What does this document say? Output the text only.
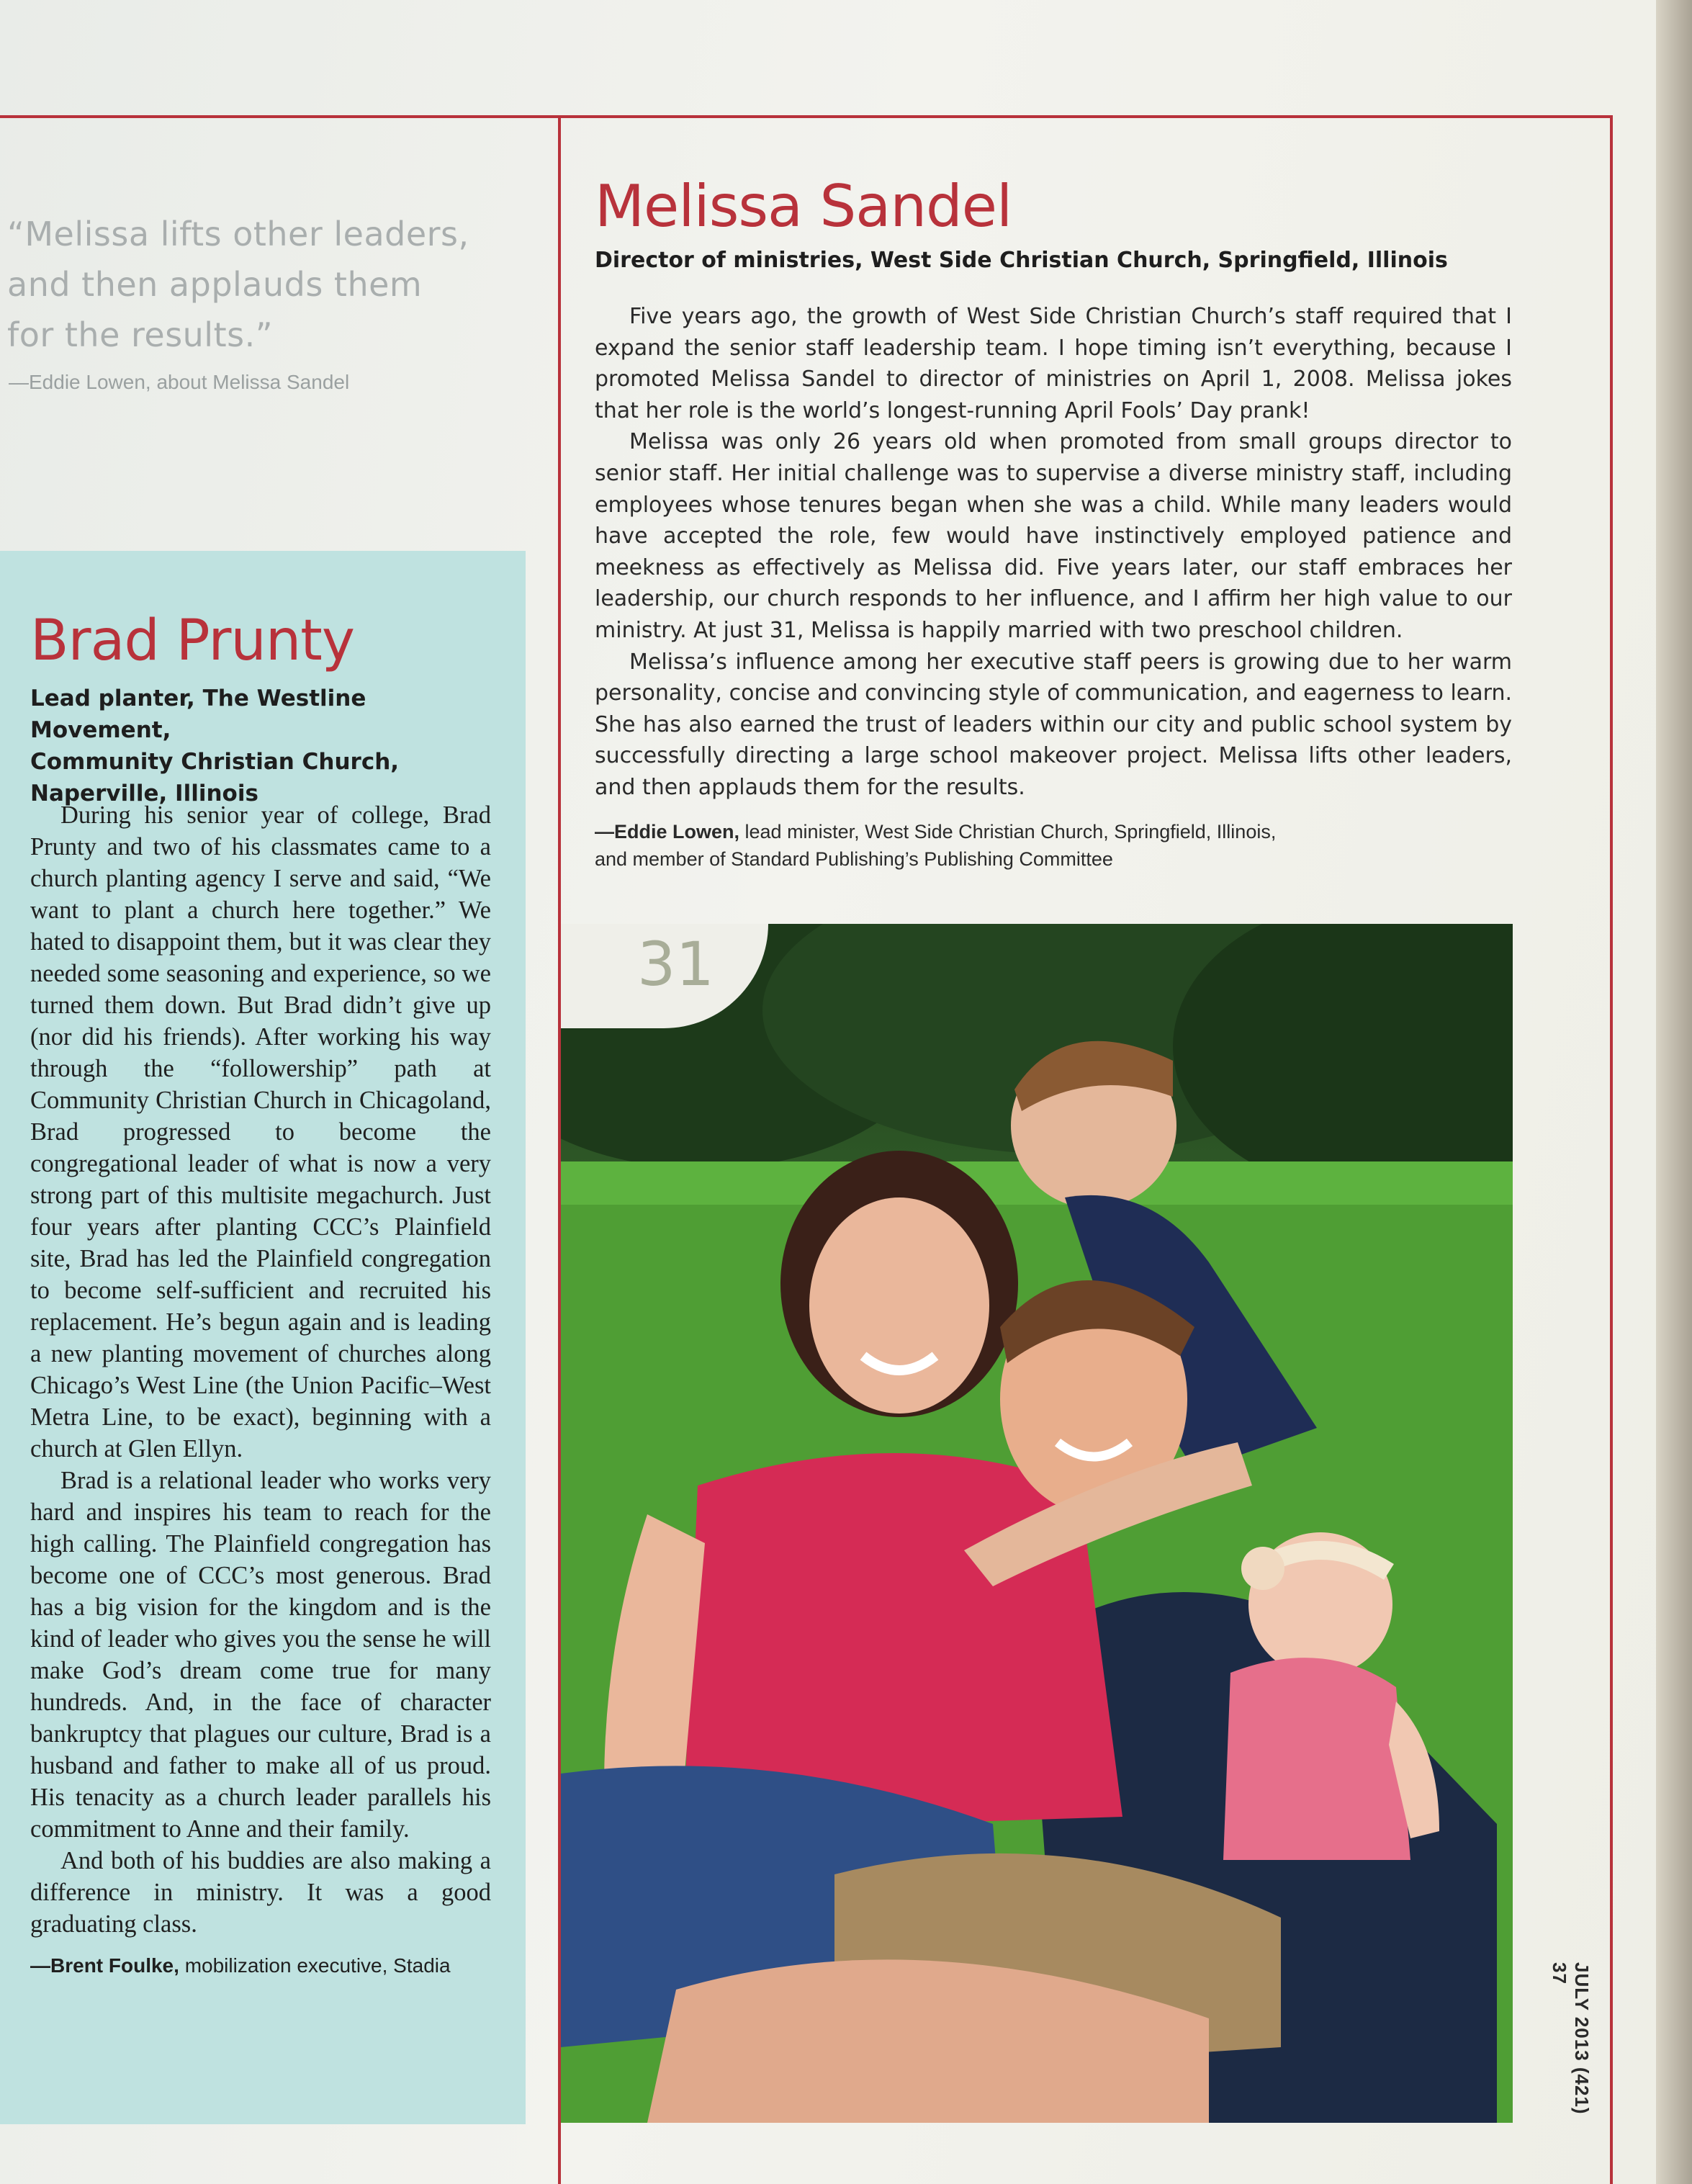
“Melissa lifts other leaders,
and then applauds them
for the results.”
—Eddie Lowen, about Melissa Sandel
Brad Prunty
Lead planter, The Westline Movement,
Community Christian Church,
Naperville, Illinois

During his senior year of college, Brad Prunty and two of his classmates came to a church planting agency I serve and said, “We want to plant a church here together.” We hated to disappoint them, but it was clear they needed some seasoning and experience, so we turned them down. But Brad didn’t give up (nor did his friends). After working his way through the “followership” path at Community Christian Church in Chicagoland, Brad progressed to become the congregational leader of what is now a very strong part of this multisite megachurch. Just four years after planting CCC’s Plainfield site, Brad has led the Plainfield congregation to become self-sufficient and recruited his replacement. He’s begun again and is leading a new planting movement of churches along Chicago’s West Line (the Union Pacific–West Metra Line, to be exact), beginning with a church at Glen Ellyn.

Brad is a relational leader who works very hard and inspires his team to reach for the high calling. The Plainfield congregation has become one of CCC’s most generous. Brad has a big vision for the kingdom and is the kind of leader who gives you the sense he will make God’s dream come true for many hundreds. And, in the face of character bankruptcy that plagues our culture, Brad is a husband and father to make all of us proud. His tenacity as a church leader parallels his commitment to Anne and their family.

And both of his buddies are also making a difference in ministry. It was a good graduating class.

—Brent Foulke, mobilization executive, Stadia
Melissa Sandel
Director of ministries, West Side Christian Church, Springfield, Illinois

Five years ago, the growth of West Side Christian Church’s staff required that I expand the senior staff leadership team. I hope timing isn’t everything, because I promoted Melissa Sandel to director of ministries on April 1, 2008. Melissa jokes that her role is the world’s longest-running April Fools’ Day prank!

Melissa was only 26 years old when promoted from small groups director to senior staff. Her initial challenge was to supervise a diverse ministry staff, including employees whose tenures began when she was a child. While many leaders would have accepted the role, few would have instinctively employed patience and meekness as effectively as Melissa did. Five years later, our staff embraces her leadership, our church responds to her influence, and I affirm her high value to our ministry. At just 31, Melissa is happily married with two preschool children.

Melissa’s influence among her executive staff peers is growing due to her warm personality, concise and convincing style of communication, and eagerness to learn. She has also earned the trust of leaders within our city and public school system by successfully directing a large school makeover project. Melissa lifts other leaders, and then applauds them for the results.

—Eddie Lowen, lead minister, West Side Christian Church, Springfield, Illinois,
and member of Standard Publishing’s Publishing Committee
31
JULY 2013 (421) 37
